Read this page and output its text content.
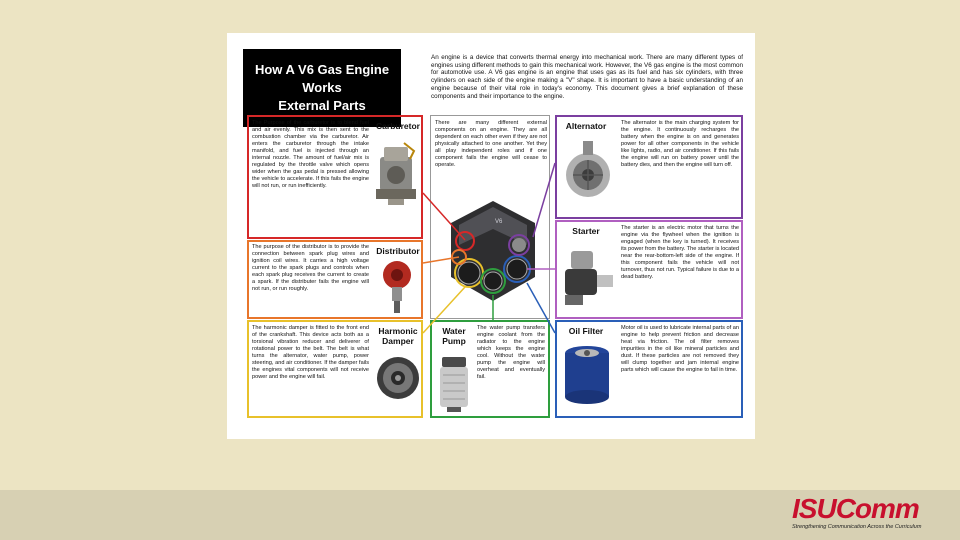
ISUComm
Strengthening Communication Across the Curriculum
How A V6 Gas Engine
Works
External Parts
An engine is a device that converts thermal energy into mechanical work. There are many different types of engines using different methods to gain this mechanical work. However, the V6 gas engine is the most common for automotive use. A V6 gas engine is an engine that uses gas as its fuel and has six cylinders, with three cylinders on each side of the engine making a "V" shape. It is important to have a basic understanding of an engine because of their vital role in today's economy. This document gives a brief explanation of these components and their importance to the engine.
The Purpose of the carburetor is to blend fuel and air evenly. This mix is then sent to the combustion chamber via the carburetor. Air enters the carburetor through the intake manifold, and fuel is injected through an internal nozzle. The amount of fuel/air mix is regulated by the throttle valve which opens wider when the gas pedal is pressed allowing the vehicle to accelerate. If this fails the engine will not run, or run inefficiently.
Carburetor
The purpose of the distributor is to provide the connection between spark plug wires and ignition coil wires. It carries a high voltage current to the spark plugs and controls when each spark plug receives the current to create a spark. If the distributer fails the engine will not run, or run roughly.
Distributor
The harmonic damper is fitted to the front end of the crankshaft. This device acts both as a torsional vibration reducer and deliverer of rotational power to the belt. The belt is what turns the alternator, water pump, power steering, and air conditioner. If the damper fails the engines vital components will not receive power and the engine will fail.
Harmonic
Damper
Water
Pump
The water pump transfers engine coolant from the radiator to the engine which keeps the engine cool. Without the water pump the engine will overheat and eventually fail.
There are many different external components on an engine. They are all dependent on each other even if they are not physically attached to one another. Yet they all play independent roles and if one component fails the engine will cease to operate.
V6
Alternator	The alternator is the main charging system for the engine. It continuously recharges the battery when the engine is on and generates power for all other components in the vehicle like lights, radio, and air conditioner. If this fails the engine will run on battery power until the battery dies, and then the engine will turn off.
Starter	The starter is an electric motor that turns the engine via the flywheel when the ignition is engaged (when the key is turned). It receives its power from the battery. The starter is located near the rear-bottom-left side of the engine. If this component fails the vehicle will not turnover, thus not run. Typical failure is due to a dead battery.
Oil Filter	Motor oil is used to lubricate internal parts of an engine to help prevent friction and decrease heat via friction. The oil filter removes impurities in the oil like mineral particles and dust. If these particles are not removed they will clump together and jam internal engine parts which will cause the engine to fail in time.
